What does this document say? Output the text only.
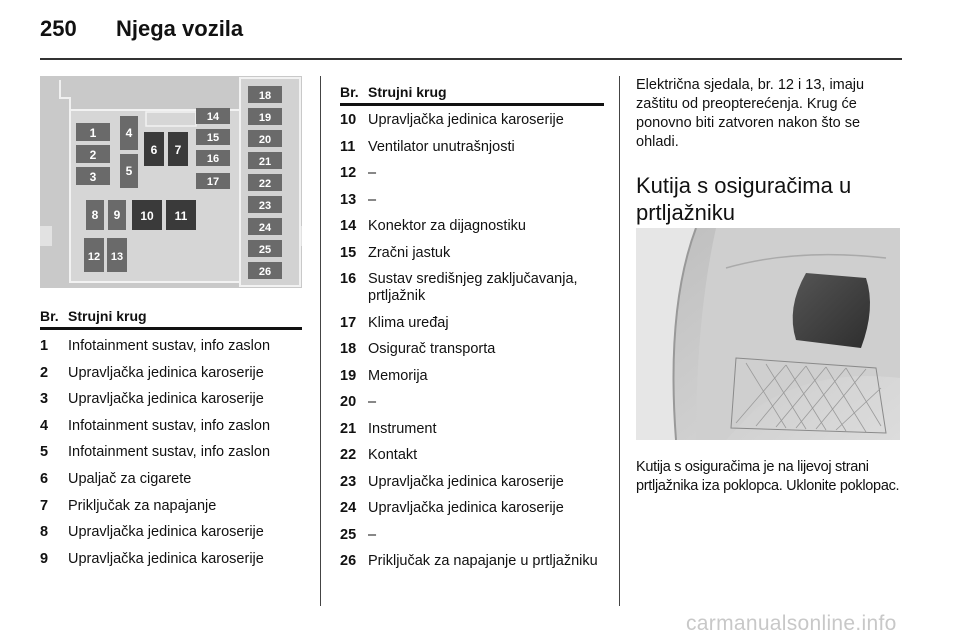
250 Njega vozila
1
2
3
4
5
6 7
8 9 10 11
12 13
14
15
16
17
18
19
20
21
22
23
24
25
26
Br. Strujni krug
1	Infotainment sustav, info zaslon
2	Upravljačka jedinica karoserije
3	Upravljačka jedinica karoserije
4	Infotainment sustav, info zaslon
5	Infotainment sustav, info zaslon
6	Upaljač za cigarete
7	Priključak za napajanje
8	Upravljačka jedinica karoserije
9	Upravljačka jedinica karoserije
Br. Strujni krug
10 Upravljačka jedinica karoserije
11 Ventilator unutrašnjosti
12 –
13 –
14 Konektor za dijagnostiku
15 Zračni jastuk
16 Sustav središnjeg zaključavanja, prtljažnik
17 Klima uređaj
18 Osigurač transporta
19 Memorija
20 –
21 Instrument
22 Kontakt
23 Upravljačka jedinica karoserije
24 Upravljačka jedinica karoserije
25 –
26 Priključak za napajanje u prtljažniku
Električna sjedala, br. 12 i 13, imaju zaštitu od preopterećenja. Krug će ponovno biti zatvoren nakon što se ohladi.
Kutija s osiguračima u prtljažniku
Kutija s osiguračima je na lijevoj strani prtljažnika iza poklopca. Uklonite poklopac.
carmanualsonline.info
